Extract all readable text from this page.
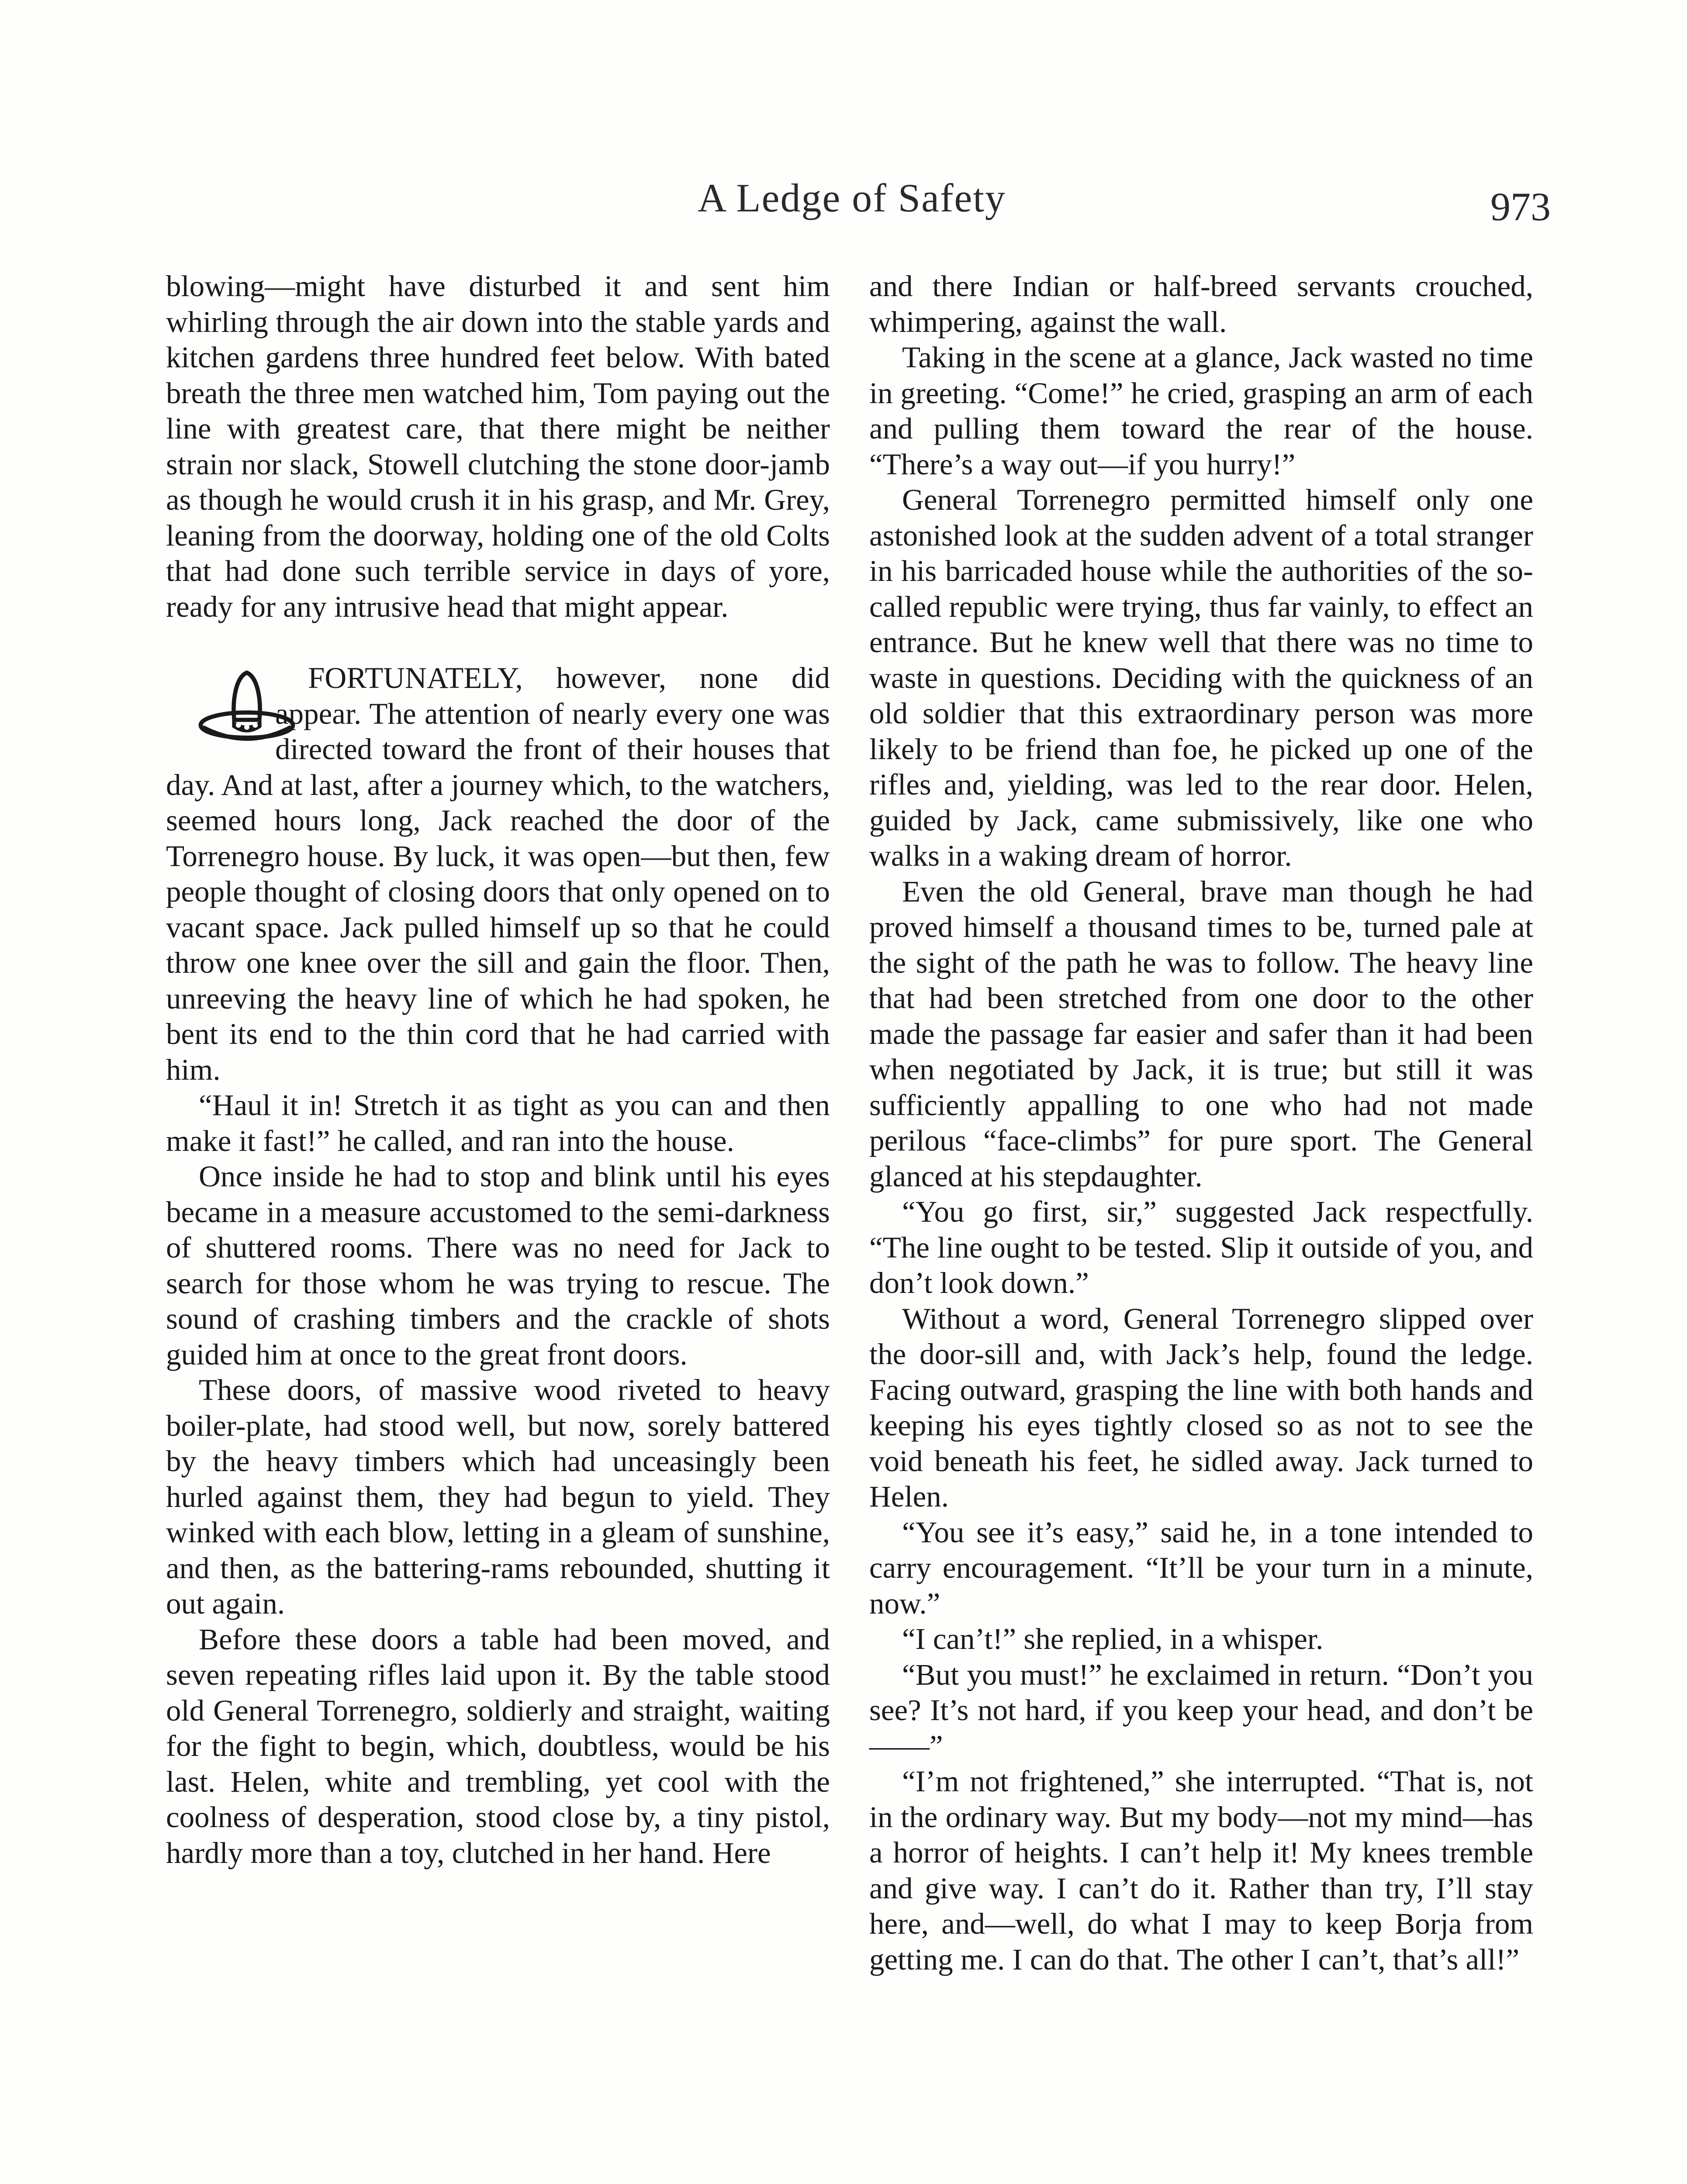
A Ledge of Safety	973

blowing—might have disturbed it and sent him whirling through the air down into the stable yards and kitchen gardens three hundred feet below. With bated breath the three men watched him, Tom paying out the line with greatest care, that there might be neither strain nor slack, Stowell clutching the stone door-jamb as though he would crush it in his grasp, and Mr. Grey, leaning from the doorway, holding one of the old Colts that had done such terrible service in days of yore, ready for any intrusive head that might appear.

FORTUNATELY, however, none did appear. The attention of nearly every one was directed toward the front of their houses that day. And at last, after a journey which, to the watchers, seemed hours long, Jack reached the door of the Torrenegro house. By luck, it was open—but then, few people thought of closing doors that only opened on to vacant space. Jack pulled himself up so that he could throw one knee over the sill and gain the floor. Then, unreeving the heavy line of which he had spoken, he bent its end to the thin cord that he had carried with him.

“Haul it in! Stretch it as tight as you can and then make it fast!” he called, and ran into the house.

Once inside he had to stop and blink until his eyes became in a measure accustomed to the semi-darkness of shuttered rooms. There was no need for Jack to search for those whom he was trying to rescue. The sound of crashing timbers and the crackle of shots guided him at once to the great front doors.

These doors, of massive wood riveted to heavy boiler-plate, had stood well, but now, sorely battered by the heavy timbers which had unceasingly been hurled against them, they had begun to yield. They winked with each blow, letting in a gleam of sunshine, and then, as the battering-rams rebounded, shutting it out again.

Before these doors a table had been moved, and seven repeating rifles laid upon it. By the table stood old General Torrenegro, soldierly and straight, waiting for the fight to begin, which, doubtless, would be his last. Helen, white and trembling, yet cool with the coolness of desperation, stood close by, a tiny pistol, hardly more than a toy, clutched in her hand. Here

and there Indian or half-breed servants crouched, whimpering, against the wall.

Taking in the scene at a glance, Jack wasted no time in greeting. “Come!” he cried, grasping an arm of each and pulling them toward the rear of the house. “There’s a way out—if you hurry!”

General Torrenegro permitted himself only one astonished look at the sudden advent of a total stranger in his barricaded house while the authorities of the so-called republic were trying, thus far vainly, to effect an entrance. But he knew well that there was no time to waste in questions. Deciding with the quickness of an old soldier that this extraordinary person was more likely to be friend than foe, he picked up one of the rifles and, yielding, was led to the rear door. Helen, guided by Jack, came submissively, like one who walks in a waking dream of horror.

Even the old General, brave man though he had proved himself a thousand times to be, turned pale at the sight of the path he was to follow. The heavy line that had been stretched from one door to the other made the passage far easier and safer than it had been when negotiated by Jack, it is true; but still it was sufficiently appalling to one who had not made perilous “face-climbs” for pure sport. The General glanced at his stepdaughter.

“You go first, sir,” suggested Jack respectfully. “The line ought to be tested. Slip it outside of you, and don’t look down.”

Without a word, General Torrenegro slipped over the door-sill and, with Jack’s help, found the ledge. Facing outward, grasping the line with both hands and keeping his eyes tightly closed so as not to see the void beneath his feet, he sidled away. Jack turned to Helen.

“You see it’s easy,” said he, in a tone intended to carry encouragement. “It’ll be your turn in a minute, now.”

“I can’t!” she replied, in a whisper.

“But you must!” he exclaimed in return. “Don’t you see? It’s not hard, if you keep your head, and don’t be——”

“I’m not frightened,” she interrupted. “That is, not in the ordinary way. But my body—not my mind—has a horror of heights. I can’t help it! My knees tremble and give way. I can’t do it. Rather than try, I’ll stay here, and—well, do what I may to keep Borja from getting me. I can do that. The other I can’t, that’s all!”
